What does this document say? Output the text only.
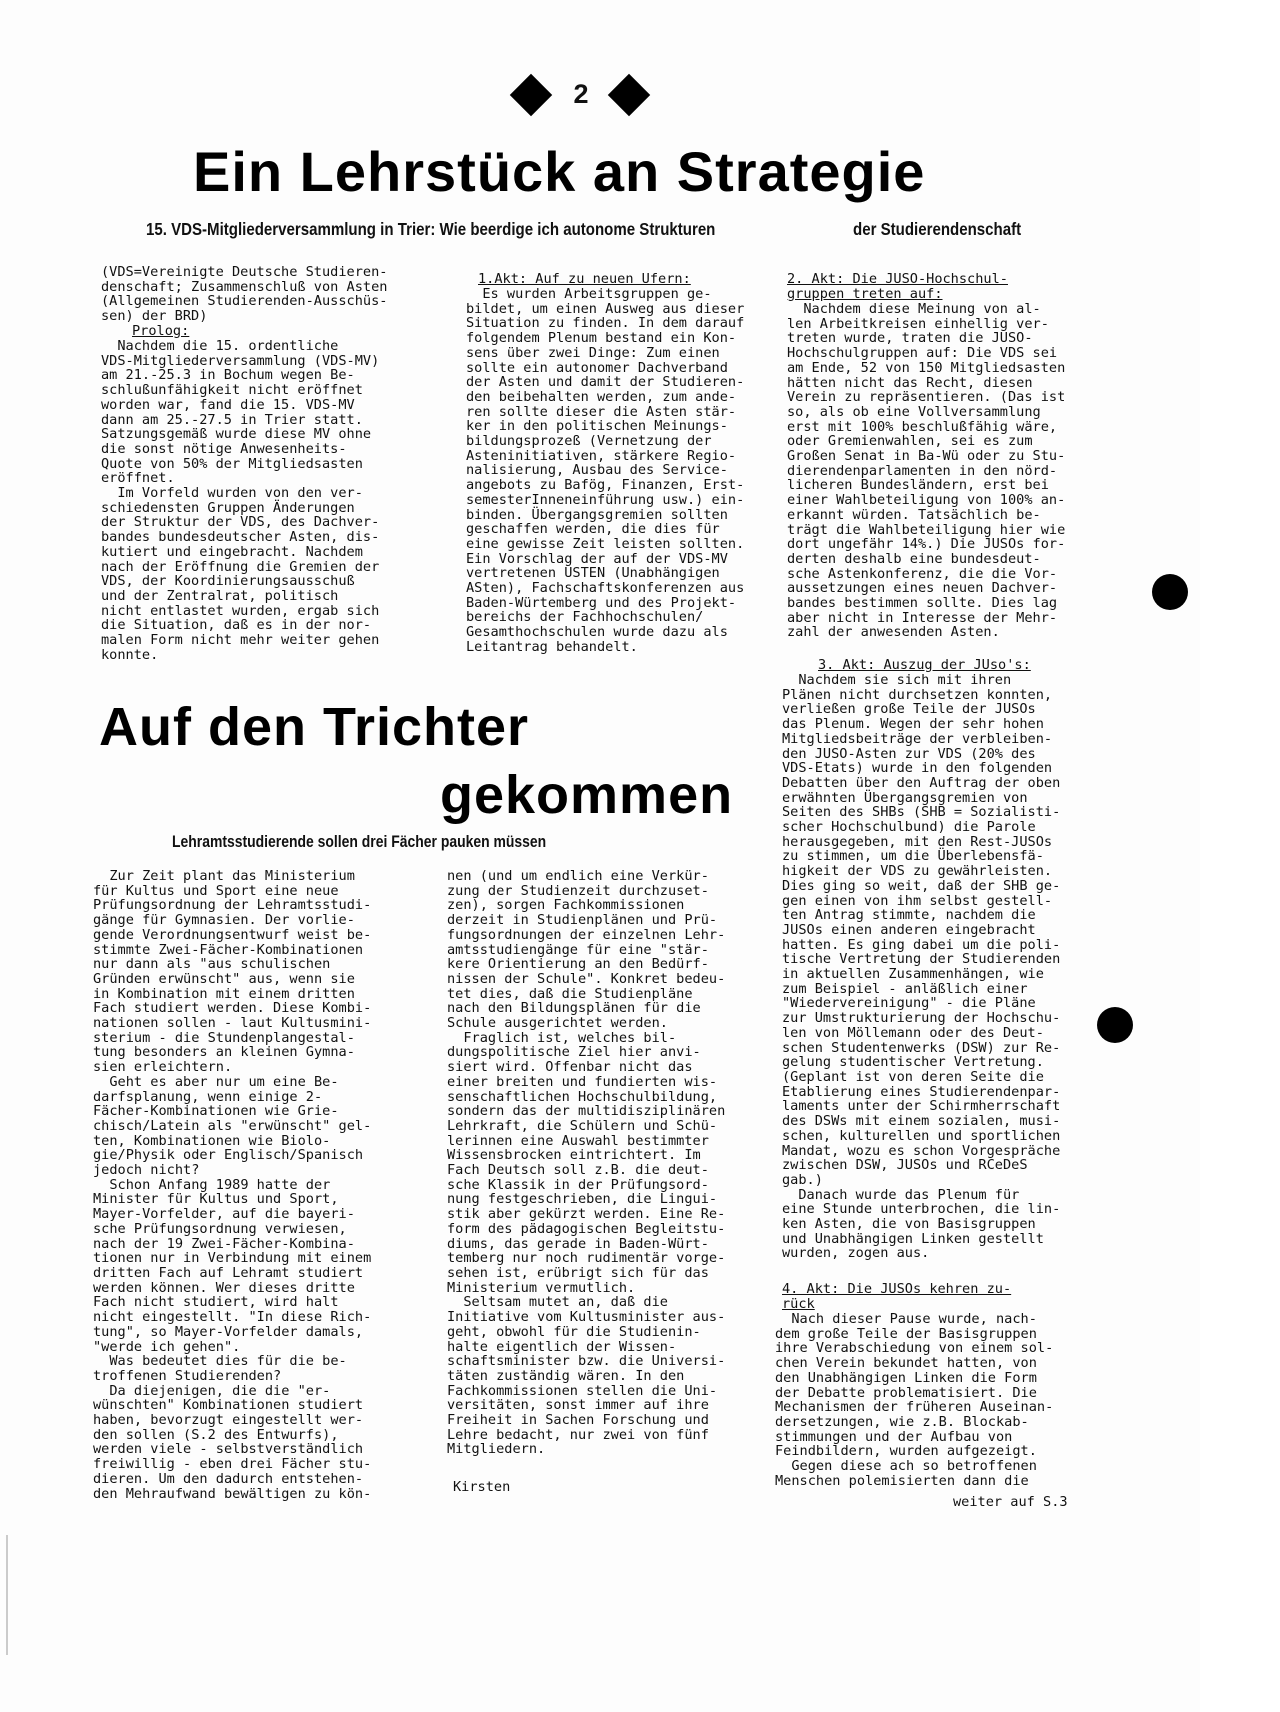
2
Ein Lehrstück an Strategie
15. VDS-Mitgliederversammlung in Trier: Wie beerdige ich autonome Strukturen	der Studierendenschaft
(VDS=Vereinigte Deutsche Studieren-
denschaft; Zusammenschluß von Asten
(Allgemeinen Studierenden-Ausschüs-
sen) der BRD)
Prolog:
Nachdem die 15. ordentliche
VDS-Mitgliederversammlung (VDS-MV)
am 21.-25.3 in Bochum wegen Be-
schlußunfähigkeit nicht eröffnet
worden war, fand die 15. VDS-MV
dann am 25.-27.5 in Trier statt.
Satzungsgemäß wurde diese MV ohne
die sonst nötige Anwesenheits-
Quote von 50% der Mitgliedsasten
eröffnet.
Im Vorfeld wurden von den ver-
schiedensten Gruppen Änderungen
der Struktur der VDS, des Dachver-
bandes bundesdeutscher Asten, dis-
kutiert und eingebracht. Nachdem
nach der Eröffnung die Gremien der
VDS, der Koordinierungsausschuß
und der Zentralrat, politisch
nicht entlastet wurden, ergab sich
die Situation, daß es in der nor-
malen Form nicht mehr weiter gehen
konnte.
1.Akt: Auf zu neuen Ufern:
Es wurden Arbeitsgruppen ge-
bildet, um einen Ausweg aus dieser
Situation zu finden. In dem darauf
folgendem Plenum bestand ein Kon-
sens über zwei Dinge: Zum einen
sollte ein autonomer Dachverband
der Asten und damit der Studieren-
den beibehalten werden, zum ande-
ren sollte dieser die Asten stär-
ker in den politischen Meinungs-
bildungsprozeß (Vernetzung der
Asteninitiativen, stärkere Regio-
nalisierung, Ausbau des Service-
angebots zu Bafög, Finanzen, Erst-
semesterInneneinführung usw.) ein-
binden. Übergangsgremien sollten
geschaffen werden, die dies für
eine gewisse Zeit leisten sollten.
Ein Vorschlag der auf der VDS-MV
vertretenen USTEN (Unabhängigen
ASten), Fachschaftskonferenzen aus
Baden-Würtemberg und des Projekt-
bereichs der Fachhochschulen/
Gesamthochschulen wurde dazu als
Leitantrag behandelt.
2. Akt: Die JUSO-Hochschul-
gruppen treten auf:
Nachdem diese Meinung von al-
len Arbeitkreisen einhellig ver-
treten wurde, traten die JUSO-
Hochschulgruppen auf: Die VDS sei
am Ende, 52 von 150 Mitgliedsasten
hätten nicht das Recht, diesen
Verein zu repräsentieren. (Das ist
so, als ob eine Vollversammlung
erst mit 100% beschlußfähig wäre,
oder Gremienwahlen, sei es zum
Großen Senat in Ba-Wü oder zu Stu-
dierendenparlamenten in den nörd-
licheren Bundesländern, erst bei
einer Wahlbeteiligung von 100% an-
erkannt würden. Tatsächlich be-
trägt die Wahlbeteiligung hier wie
dort ungefähr 14%.) Die JUSOs for-
derten deshalb eine bundesdeut-
sche Astenkonferenz, die die Vor-
aussetzungen eines neuen Dachver-
bandes bestimmen sollte. Dies lag
aber nicht in Interesse der Mehr-
zahl der anwesenden Asten.
3. Akt: Auszug der JUso's:
Nachdem sie sich mit ihren
Plänen nicht durchsetzen konnten,
verließen große Teile der JUSOs
das Plenum. Wegen der sehr hohen
Mitgliedsbeiträge der verbleiben-
den JUSO-Asten zur VDS (20% des
VDS-Etats) wurde in den folgenden
Debatten über den Auftrag der oben
erwähnten Übergangsgremien von
Seiten des SHBs (SHB = Sozialisti-
scher Hochschulbund) die Parole
herausgegeben, mit den Rest-JUSOs
zu stimmen, um die Überlebensfä-
higkeit der VDS zu gewährleisten.
Dies ging so weit, daß der SHB ge-
gen einen von ihm selbst gestell-
ten Antrag stimmte, nachdem die
JUSOs einen anderen eingebracht
hatten. Es ging dabei um die poli-
tische Vertretung der Studierenden
in aktuellen Zusammenhängen, wie
zum Beispiel - anläßlich einer
"Wiedervereinigung" - die Pläne
zur Umstrukturierung der Hochschu-
len von Möllemann oder des Deut-
schen Studentenwerks (DSW) zur Re-
gelung studentischer Vertretung.
(Geplant ist von deren Seite die
Etablierung eines Studierendenpar-
laments unter der Schirmherrschaft
des DSWs mit einem sozialen, musi-
schen, kulturellen und sportlichen
Mandat, wozu es schon Vorgespräche
zwischen DSW, JUSOs und RCeDeS
gab.)
Danach wurde das Plenum für
eine Stunde unterbrochen, die lin-
ken Asten, die von Basisgruppen
und Unabhängigen Linken gestellt
wurden, zogen aus.
4. Akt: Die JUSOs kehren zu-
rück
Nach dieser Pause wurde, nach-
dem große Teile der Basisgruppen
ihre Verabschiedung von einem sol-
chen Verein bekundet hatten, von
den Unabhängigen Linken die Form
der Debatte problematisiert. Die
Mechanismen der früheren Auseinan-
dersetzungen, wie z.B. Blockab-
stimmungen und der Aufbau von
Feindbildern, wurden aufgezeigt.
Gegen diese ach so betroffenen
Menschen polemisierten dann die
weiter auf S.3
Auf den Trichter
gekommen
Lehramtsstudierende sollen drei Fächer pauken müssen
Zur Zeit plant das Ministerium
für Kultus und Sport eine neue
Prüfungsordnung der Lehramtsstudi-
gänge für Gymnasien. Der vorlie-
gende Verordnungsentwurf weist be-
stimmte Zwei-Fächer-Kombinationen
nur dann als "aus schulischen
Gründen erwünscht" aus, wenn sie
in Kombination mit einem dritten
Fach studiert werden. Diese Kombi-
nationen sollen - laut Kultusmini-
sterium - die Stundenplangestal-
tung besonders an kleinen Gymna-
sien erleichtern.
Geht es aber nur um eine Be-
darfsplanung, wenn einige 2-
Fächer-Kombinationen wie Grie-
chisch/Latein als "erwünscht" gel-
ten, Kombinationen wie Biolo-
gie/Physik oder Englisch/Spanisch
jedoch nicht?
Schon Anfang 1989 hatte der
Minister für Kultus und Sport,
Mayer-Vorfelder, auf die bayeri-
sche Prüfungsordnung verwiesen,
nach der 19 Zwei-Fächer-Kombina-
tionen nur in Verbindung mit einem
dritten Fach auf Lehramt studiert
werden können. Wer dieses dritte
Fach nicht studiert, wird halt
nicht eingestellt. "In diese Rich-
tung", so Mayer-Vorfelder damals,
"werde ich gehen".
Was bedeutet dies für die be-
troffenen Studierenden?
Da diejenigen, die die "er-
wünschten" Kombinationen studiert
haben, bevorzugt eingestellt wer-
den sollen (S.2 des Entwurfs),
werden viele - selbstverständlich
freiwillig - eben drei Fächer stu-
dieren. Um den dadurch entstehen-
den Mehraufwand bewältigen zu kön-
nen (und um endlich eine Verkür-
zung der Studienzeit durchzuset-
zen), sorgen Fachkommissionen
derzeit in Studienplänen und Prü-
fungsordnungen der einzelnen Lehr-
amtsstudiengänge für eine "stär-
kere Orientierung an den Bedürf-
nissen der Schule". Konkret bedeu-
tet dies, daß die Studienpläne
nach den Bildungsplänen für die
Schule ausgerichtet werden.
Fraglich ist, welches bil-
dungspolitische Ziel hier anvi-
siert wird. Offenbar nicht das
einer breiten und fundierten wis-
senschaftlichen Hochschulbildung,
sondern das der multidisziplinären
Lehrkraft, die Schülern und Schü-
lerinnen eine Auswahl bestimmter
Wissensbrocken eintrichtert. Im
Fach Deutsch soll z.B. die deut-
sche Klassik in der Prüfungsord-
nung festgeschrieben, die Lingui-
stik aber gekürzt werden. Eine Re-
form des pädagogischen Begleitstu-
diums, das gerade in Baden-Würt-
temberg nur noch rudimentär vorge-
sehen ist, erübrigt sich für das
Ministerium vermutlich.
Seltsam mutet an, daß die
Initiative vom Kultusminister aus-
geht, obwohl für die Studienin-
halte eigentlich der Wissen-
schaftsminister bzw. die Universi-
täten zuständig wären. In den
Fachkommissionen stellen die Uni-
versitäten, sonst immer auf ihre
Freiheit in Sachen Forschung und
Lehre bedacht, nur zwei von fünf
Mitgliedern.
Kirsten
